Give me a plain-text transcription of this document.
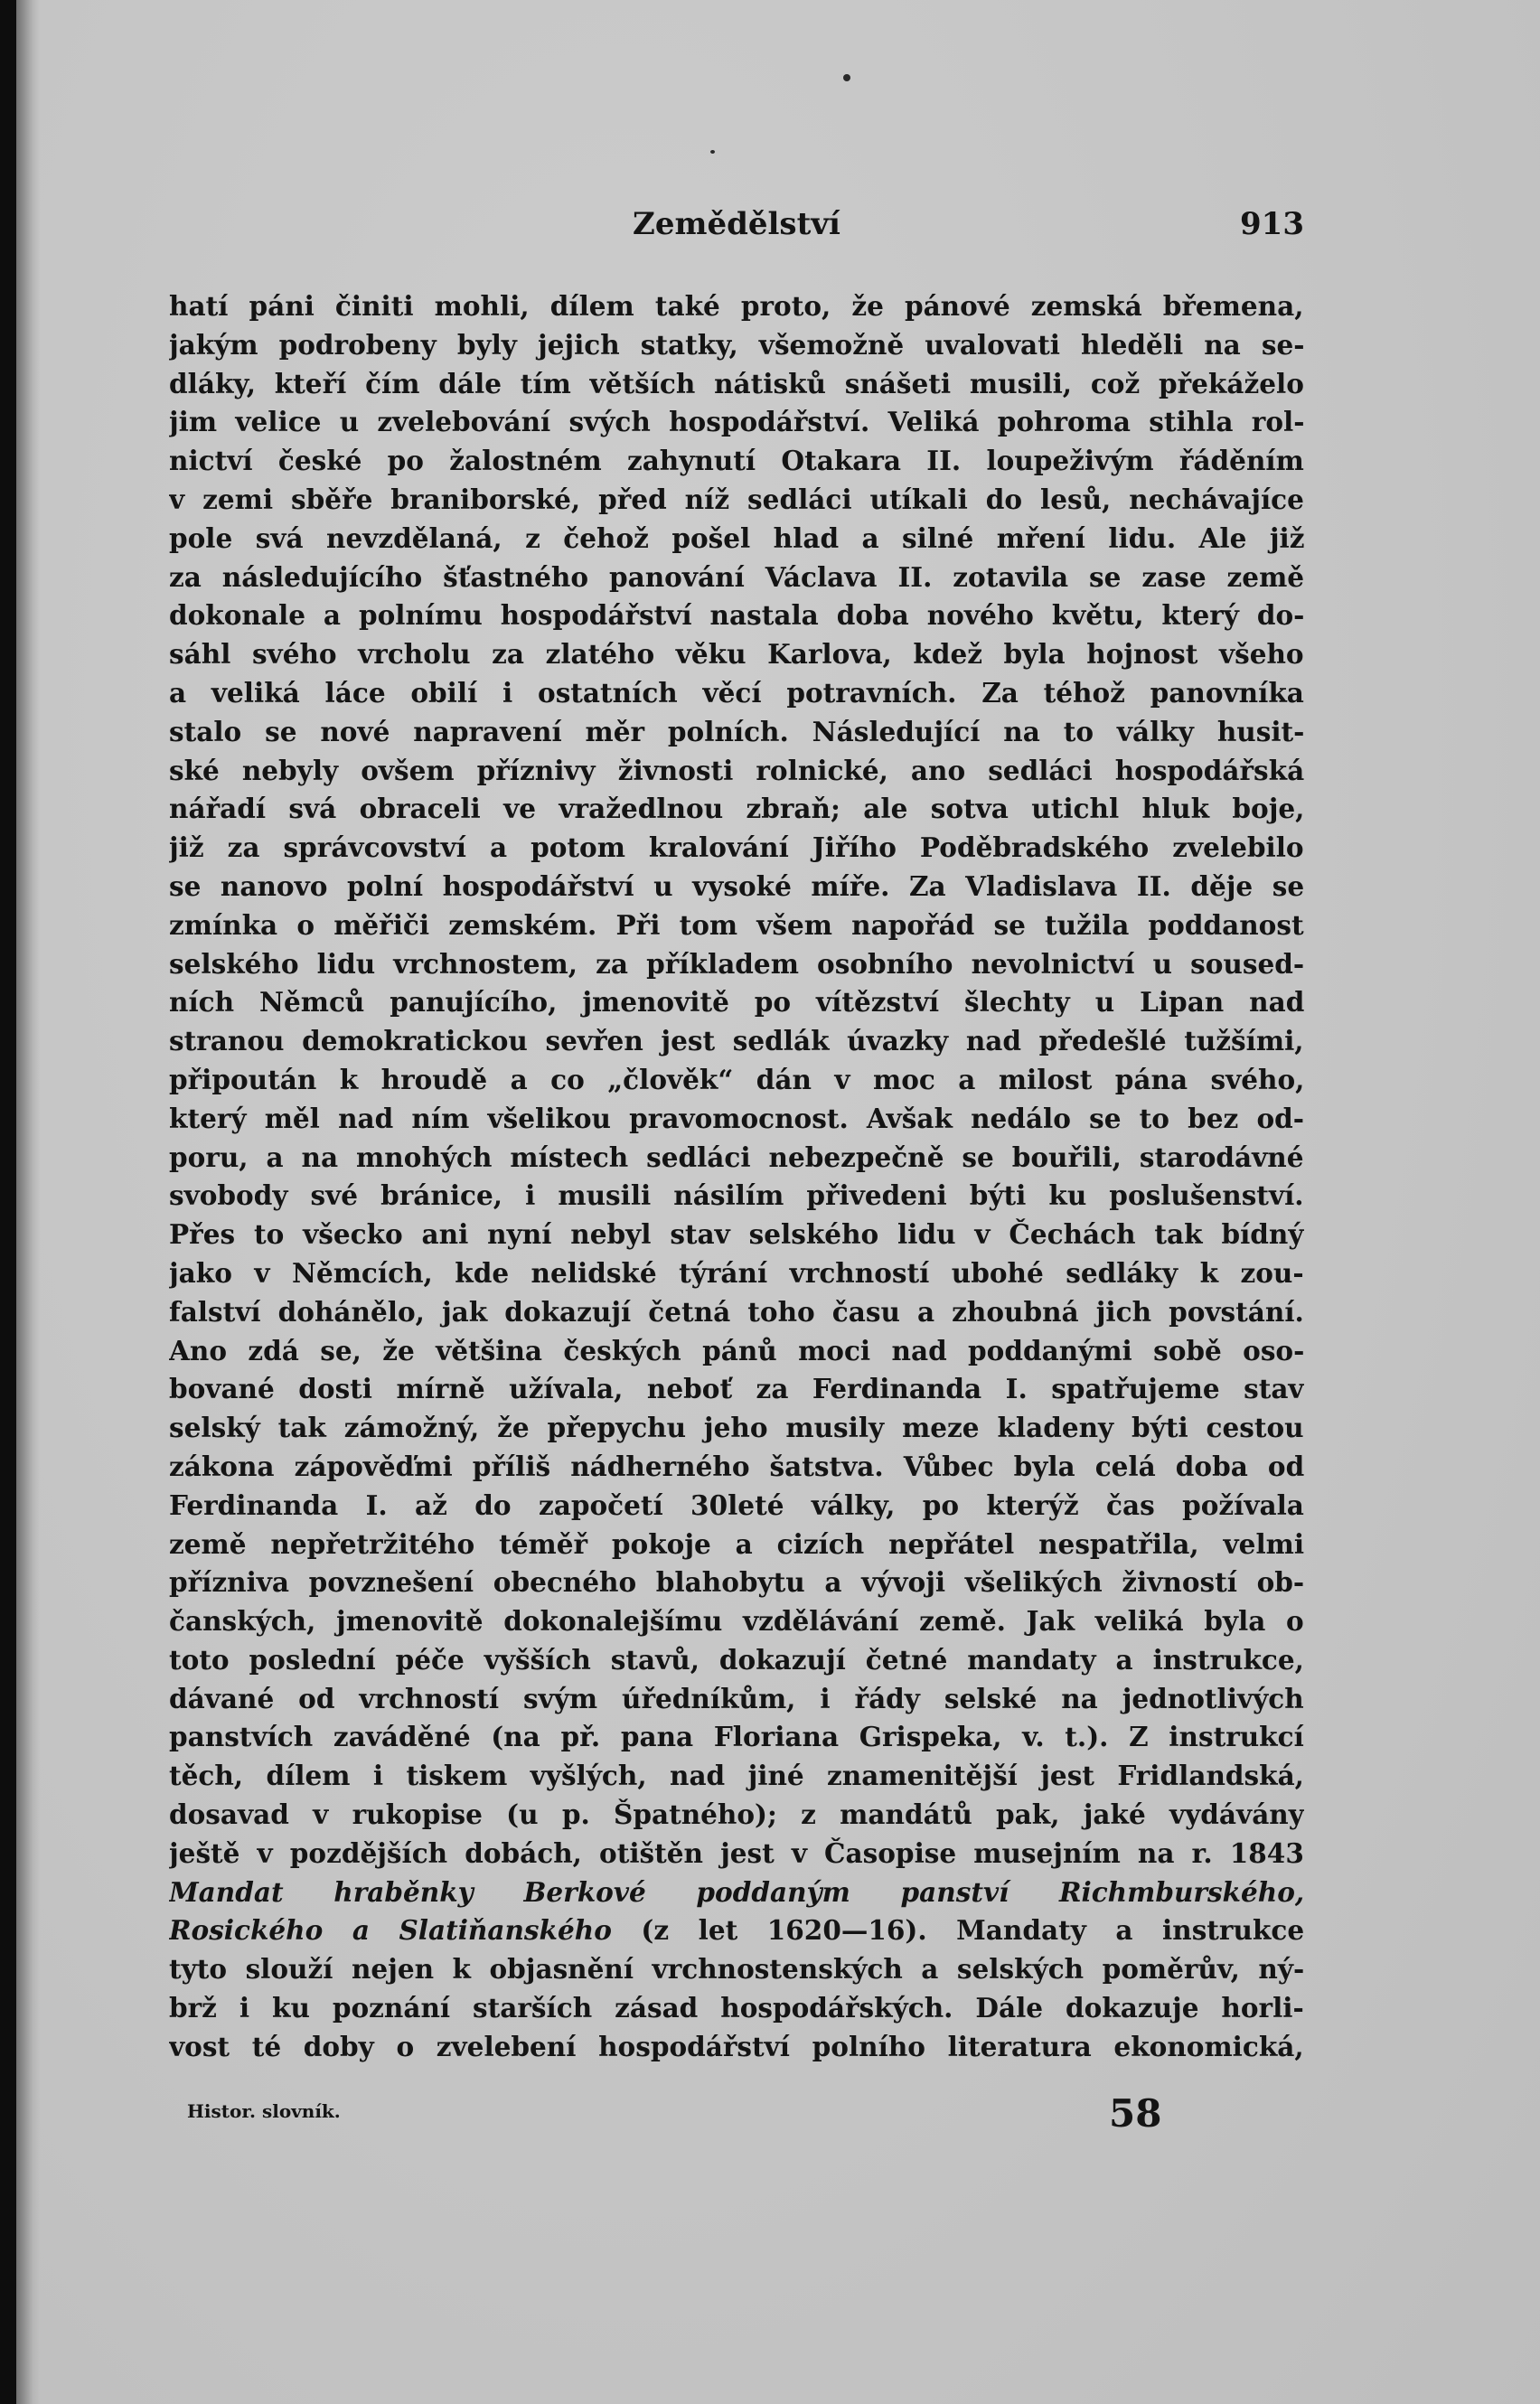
Zemědělství	913
hatí páni činiti mohli, dílem také proto, že pánové zemská břemena,
jakým podrobeny byly jejich statky, všemožně uvalovati hleděli na se-
dláky, kteří čím dále tím větších nátisků snášeti musili, což překáželo
jim velice u zvelebování svých hospodářství. Veliká pohroma stihla rol-
nictví české po žalostném zahynutí Otakara II. loupeživým řáděním
v zemi sběře braniborské, před níž sedláci utíkali do lesů, nechávajíce
pole svá nevzdělaná, z čehož pošel hlad a silné mření lidu. Ale již
za následujícího šťastného panování Václava II. zotavila se zase země
dokonale a polnímu hospodářství nastala doba nového květu, který do-
sáhl svého vrcholu za zlatého věku Karlova, kdež byla hojnost všeho
a veliká láce obilí i ostatních věcí potravních. Za téhož panovníka
stalo se nové napravení měr polních. Následující na to války husit-
ské nebyly ovšem příznivy živnosti rolnické, ano sedláci hospodářská
nářadí svá obraceli ve vražedlnou zbraň; ale sotva utichl hluk boje,
již za správcovství a potom kralování Jiřího Poděbradského zvelebilo
se nanovo polní hospodářství u vysoké míře. Za Vladislava II. děje se
zmínka o měřiči zemském. Při tom všem napořád se tužila poddanost
selského lidu vrchnostem, za příkladem osobního nevolnictví u soused-
ních Němců panujícího, jmenovitě po vítězství šlechty u Lipan nad
stranou demokratickou sevřen jest sedlák úvazky nad předešlé tužšími,
připoután k hroudě a co „člověk“ dán v moc a milost pána svého,
který měl nad ním všelikou pravomocnost. Avšak nedálo se to bez od-
poru, a na mnohých místech sedláci nebezpečně se bouřili, starodávné
svobody své bránice, i musili násilím přivedeni býti ku poslušenství.
Přes to všecko ani nyní nebyl stav selského lidu v Čechách tak bídný
jako v Němcích, kde nelidské týrání vrchností ubohé sedláky k zou-
falství dohánělo, jak dokazují četná toho času a zhoubná jich povstání.
Ano zdá se, že většina českých pánů moci nad poddanými sobě oso-
bované dosti mírně užívala, neboť za Ferdinanda I. spatřujeme stav
selský tak zámožný, že přepychu jeho musily meze kladeny býti cestou
zákona zápověďmi příliš nádherného šatstva. Vůbec byla celá doba od
Ferdinanda I. až do započetí 30leté války, po kterýž čas požívala
země nepřetržitého téměř pokoje a cizích nepřátel nespatřila, velmi
příznivа povznešení obecného blahobytu a vývoji všelikých živností ob-
čanských, jmenovitě dokonalejšímu vzdělávání země. Jak veliká byla o
toto poslední péče vyšších stavů, dokazují četné mandaty a instrukce,
dávané od vrchností svým úředníkům, i řády selské na jednotlivých
panstvích zaváděné (na př. pana Floriana Grispeka, v. t.). Z instrukcí
těch, dílem i tiskem vyšlých, nad jiné znamenitější jest Fridlandská,
dosavad v rukopise (u p. Špatného); z mandátů pak, jaké vydávány
ještě v pozdějších dobách, otištěn jest v Časopise musejním na r. 1843
Mandat hraběnky Berkové poddaným panství Richmburského,
Rosického a Slatiňanského (z let 1620—16). Mandaty a instrukce
tyto slouží nejen k objasnění vrchnostenských a selských poměrův, ný-
brž i ku poznání starších zásad hospodářských. Dále dokazuje horli-
vost té doby o zvelebení hospodářství polního literatura ekonomická,
Histor. slovník.	58
